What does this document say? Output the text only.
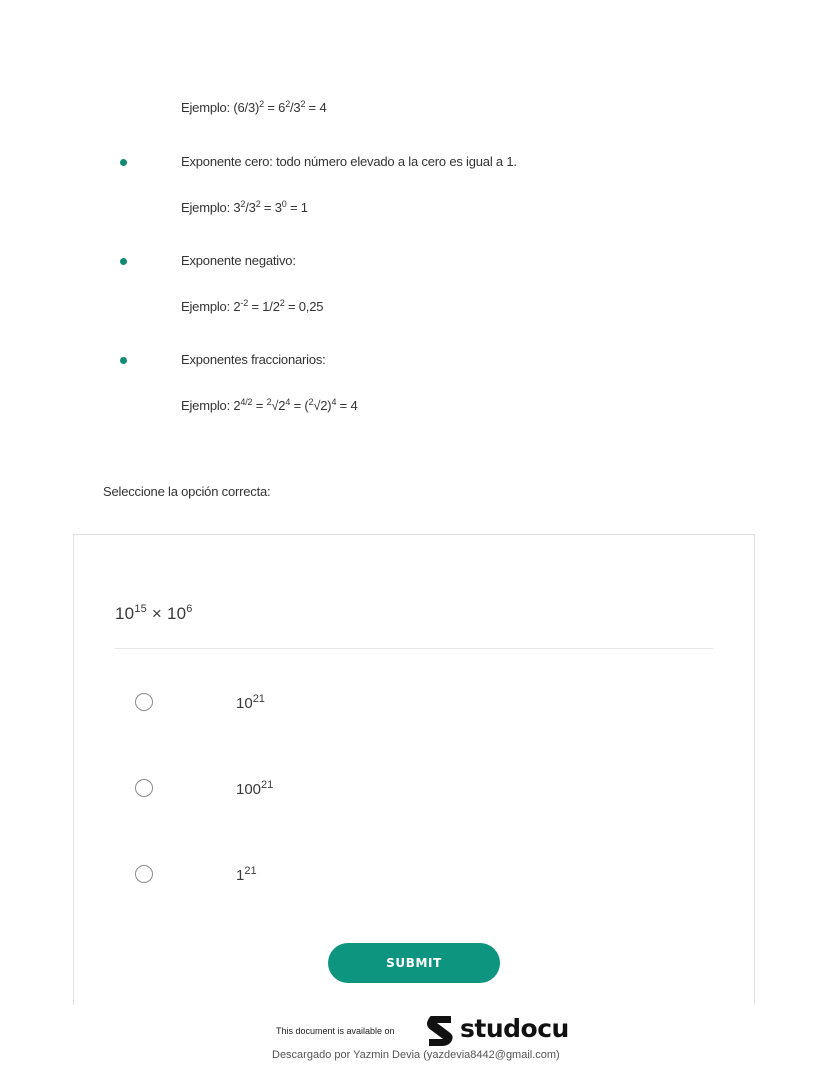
Ejemplo: $(6/3)^2 = 6^2/3^2 = 4$
Exponente cero: todo número elevado a la cero es igual a 1.
Ejemplo: $3^2/3^2 = 3^0 = 1$
Exponente negativo:
Ejemplo: $2^{-2} = 1/2^2 = 0,25$
Exponentes fraccionarios:
Ejemplo: $2^{4/2} = ^2√2^4 = (^2√2)^4 = 4$
Seleccione la opción correcta:
$10^{15} \times 10^6$
$10^{21}$
$100^{21}$
$1^{21}$
SUBMIT
This document is available on	studocu
Descargado por Yazmin Devia (yazdevia8442@gmail.com)
